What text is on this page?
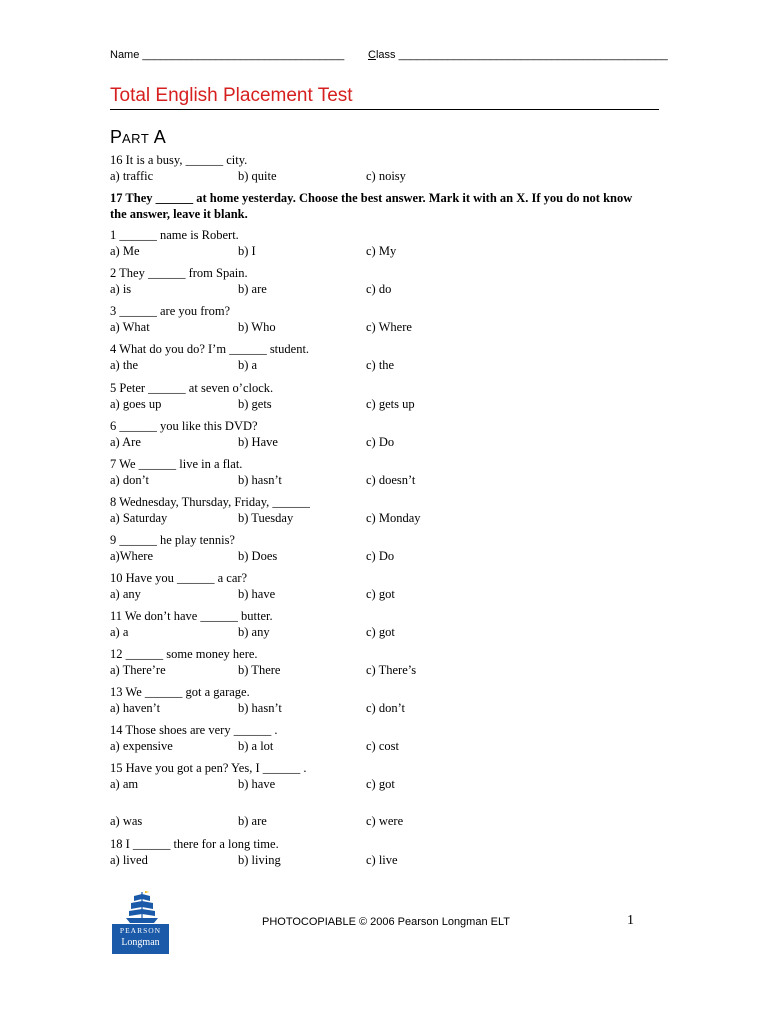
Name _________________________________ Class ____________________________________________
Total English Placement Test
PART A
16 It is a busy, ______ city.
a) traffic	b) quite	c) noisy
17 They ______ at home yesterday. Choose the best answer. Mark it with an X. If you do not know the answer, leave it blank.
1 ______ name is Robert.
a) Me	b) I	c) My
2 They ______ from Spain.
a) is	b) are	c) do
3 ______ are you from?
a) What	b) Who	c) Where
4 What do you do? I’m ______ student.
a) the	b) a	c) the
5 Peter ______ at seven o’clock.
a) goes up	b) gets	c) gets up
6 ______ you like this DVD?
a) Are	b) Have	c) Do
7 We ______ live in a flat.
a) don’t	b) hasn’t	c) doesn’t
8 Wednesday, Thursday, Friday, ______
a) Saturday	b) Tuesday	c) Monday
9 ______ he play tennis?
a)Where	b) Does	c) Do
10 Have you ______ a car?
a) any	b) have	c) got
11 We don’t have ______ butter.
a) a	b) any	c) got
12 ______ some money here.
a) There’re	b) There	c) There’s
13 We ______ got a garage.
a) haven’t	b) hasn’t	c) don’t
14 Those shoes are very ______ .
a) expensive	b) a lot	c) cost
15 Have you got a pen? Yes, I ______ .
a) am	b) have	c) got
a) was	b) are	c) were
18 I ______ there for a long time.
a) lived	b) living	c) live
PEARSON
Longman
PHOTOCOPIABLE © 2006 Pearson Longman ELT	1
